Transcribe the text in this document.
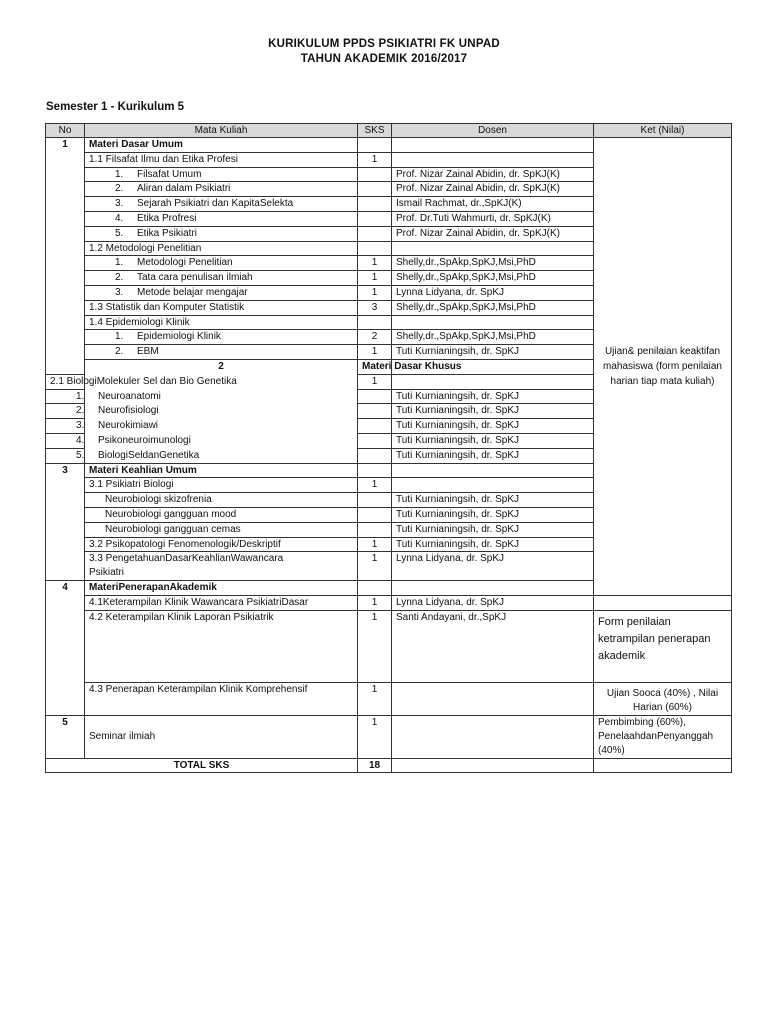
KURIKULUM PPDS PSIKIATRI FK UNPAD
TAHUN AKADEMIK 2016/2017
Semester 1 - Kurikulum 5
No	Mata Kuliah	SKS	Dosen	Ket (Nilai)	
1	Materi Dasar Umum			Ujian& penilaian keaktifan mahasiswa (form penilaian harian tiap mata kuliah)	
	1.1 Filsafat Ilmu dan Etika Profesi	1			
	1. Filsafat Umum		Prof. Nizar Zainal Abidin, dr. SpKJ(K)		
	2. Aliran dalam Psikiatri		Prof. Nizar Zainal Abidin, dr. SpKJ(K)		
	3. Sejarah Psikiatri dan KapitaSelekta		Ismail Rachmat, dr.,SpKJ(K)		
	4. Etika Profresi		Prof. Dr.Tuti Wahmurti, dr. SpKJ(K)		
	5. Etika Psikiatri		Prof. Nizar Zainal Abidin, dr. SpKJ(K)		
	1.2 Metodologi Penelitian				
	1. Metodologi Penelitian	1	Shelly,dr.,SpAkp,SpKJ,Msi,PhD		
	2. Tata cara penulisan ilmiah	1	Shelly,dr.,SpAkp,SpKJ,Msi,PhD		
	3. Metode belajar mengajar	1	Lynna Lidyana, dr. SpKJ		
	1.3 Statistik dan Komputer Statistik	3	Shelly,dr.,SpAkp,SpKJ,Msi,PhD		
	1.4 Epidemiologi Klinik				
	1. Epidemiologi Klinik	2	Shelly,dr.,SpAkp,SpKJ,Msi,PhD		
	2. EBM	1	Tuti Kurnianingsih, dr. SpKJ		
	2	Materi Dasar Khusus			
2.1 BiologiMolekuler Sel dan Bio Genetika		1			
1. Neuroanatomi			Tuti Kurnianingsih, dr. SpKJ		
2. Neurofisiologi			Tuti Kurnianingsih, dr. SpKJ		
3. Neurokimiawi			Tuti Kurnianingsih, dr. SpKJ		
4. Psikoneuroimunologi			Tuti Kurnianingsih, dr. SpKJ		
5. BiologiSeldanGenetika			Tuti Kurnianingsih, dr. SpKJ		
3	Materi Keahlian Umum				
	3.1 Psikiatri Biologi	1			
	Neurobiologi skizofrenia		Tuti Kurnianingsih, dr. SpKJ		
	Neurobiologi gangguan mood		Tuti Kurnianingsih, dr. SpKJ		
	Neurobiologi gangguan cemas		Tuti Kurnianingsih, dr. SpKJ		
	3.2 Psikopatologi Fenomenologik/Deskriptif	1	Tuti Kurnianingsih, dr. SpKJ		
	3.3 PengetahuanDasarKeahlianWawancara Psikiatri	1	Lynna Lidyana, dr. SpKJ		

4	MateriPenerapanAkademik				
	4.1Keterampilan Klinik Wawancara PsikiatriDasar	1	Lynna Lidyana, dr. SpKJ		
	4.2 Keterampilan Klinik Laporan Psikiatrik	1	Santi Andayani, dr.,SpKJ	Form penilaian ketrampilan penerapan akademik	
	4.3 Penerapan Keterampilan Klinik Komprehensif	1		Ujian Sooca (40%) , Nilai Harian (60%)	
5	Seminar ilmiah	1		Pembimbing (60%), PenelaahdanPenyanggah (40%)	
TOTAL SKS		18			
